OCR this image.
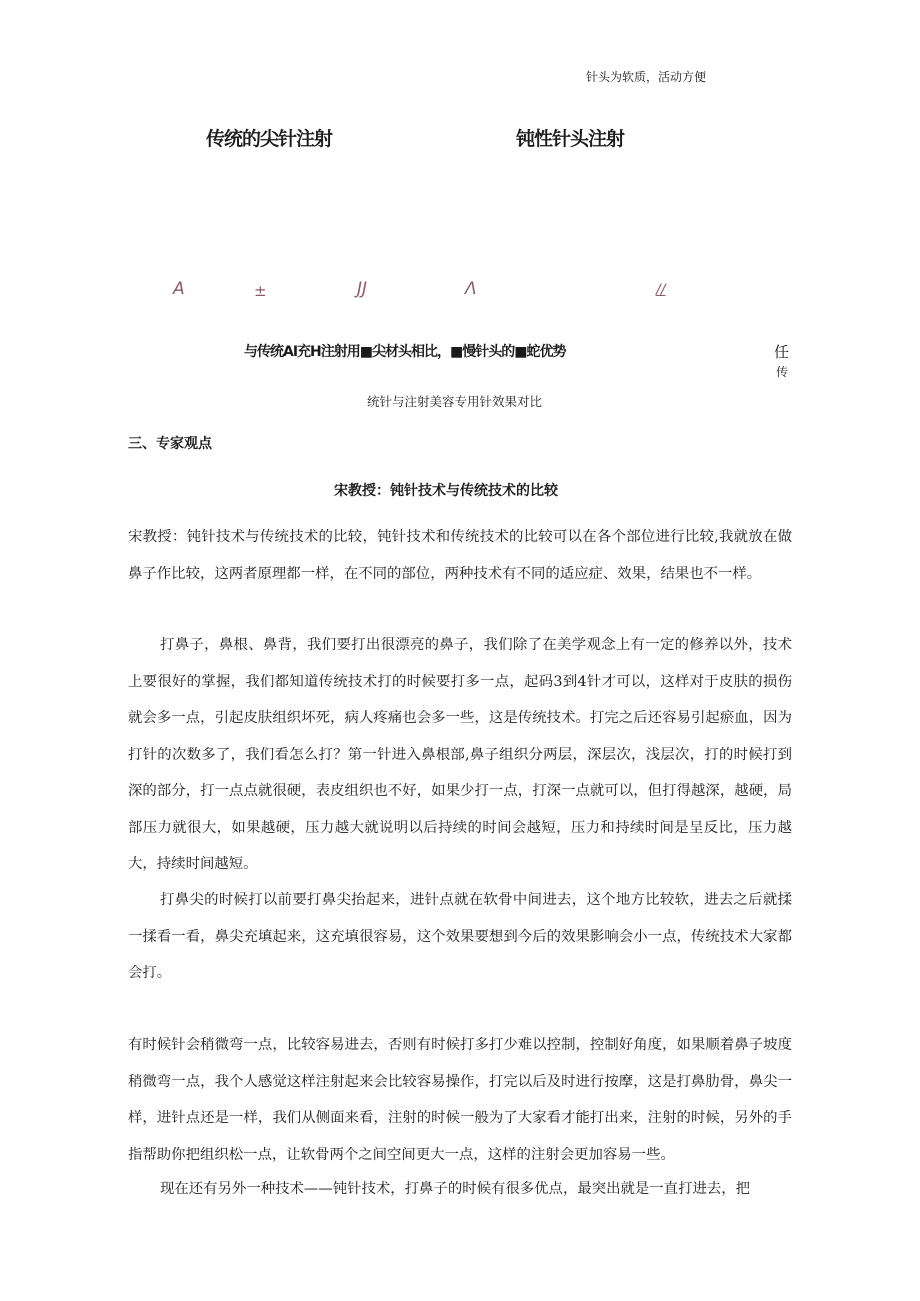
针头为软质，活动方便
传统的尖针注射	钝性针头注射
A	±	JJ	Λ	//
与传统AI充H注射用■尖材头相比，■慢针头的■蛇优势	任
传
统针与注射美容专用针效果对比
三、专家观点
宋教授：钝针技术与传统技术的比较

宋教授：钝针技术与传统技术的比较，钝针技术和传统技术的比较可以在各个部位进行比较,我就放在做鼻子作比较，这两者原理都一样，在不同的部位，两种技术有不同的适应症、效果，结果也不一样。

打鼻子，鼻根、鼻背，我们要打出很漂亮的鼻子，我们除了在美学观念上有一定的修养以外，技术上要很好的掌握，我们都知道传统技术打的时候要打多一点，起码3到4针才可以，这样对于皮肤的损伤就会多一点，引起皮肤组织坏死，病人疼痛也会多一些，这是传统技术。打完之后还容易引起瘀血，因为打针的次数多了，我们看怎么打？第一针进入鼻根部,鼻子组织分两层，深层次，浅层次，打的时候打到深的部分，打一点点就很硬，表皮组织也不好，如果少打一点，打深一点就可以，但打得越深，越硬，局部压力就很大，如果越硬，压力越大就说明以后持续的时间会越短，压力和持续时间是呈反比，压力越大，持续时间越短。

打鼻尖的时候打以前要打鼻尖抬起来，进针点就在软骨中间进去，这个地方比较软，进去之后就揉一揉看一看，鼻尖充填起来，这充填很容易，这个效果要想到今后的效果影响会小一点，传统技术大家都会打。

有时候针会稍微弯一点，比较容易进去，否则有时候打多打少难以控制，控制好角度，如果顺着鼻子坡度稍微弯一点，我个人感觉这样注射起来会比较容易操作，打完以后及时进行按摩，这是打鼻肋骨，鼻尖一样，进针点还是一样，我们从侧面来看，注射的时候一般为了大家看才能打出来，注射的时候，另外的手指帮助你把组织松一点，让软骨两个之间空间更大一点，这样的注射会更加容易一些。

现在还有另外一种技术——钝针技术，打鼻子的时候有很多优点，最突出就是一直打进去，把
